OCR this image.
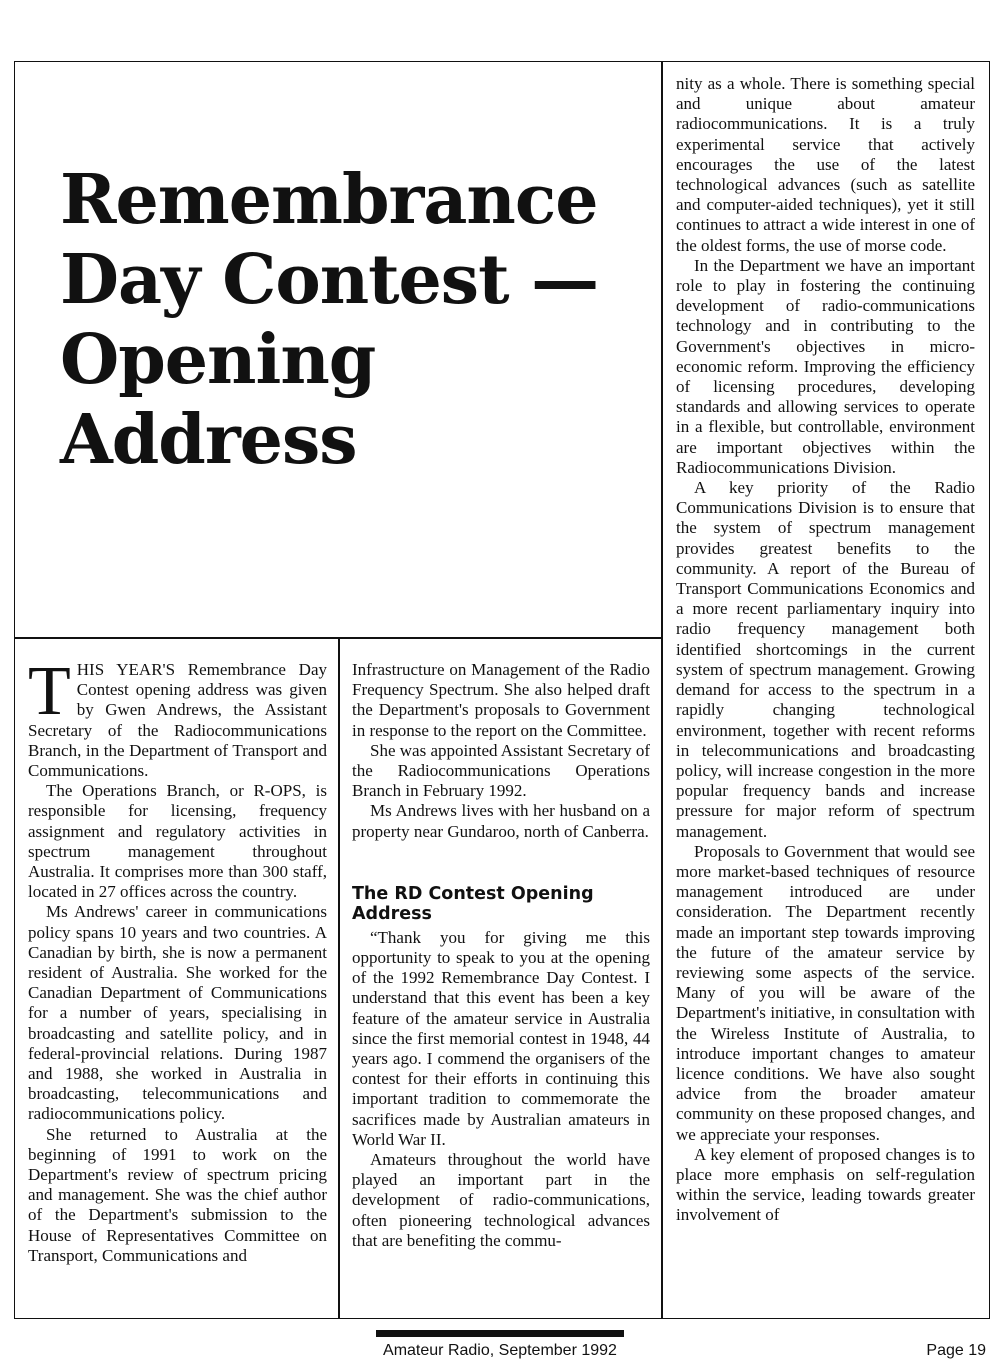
Remembrance Day Contest — Opening Address

THIS YEAR'S Remembrance Day Contest opening address was given by Gwen Andrews, the Assistant Secretary of the Radiocommunications Branch, in the Department of Transport and Communications.

The Operations Branch, or R-OPS, is responsible for licensing, frequency assignment and regulatory activities in spectrum management throughout Australia. It comprises more than 300 staff, located in 27 offices across the country.

Ms Andrews' career in communications policy spans 10 years and two countries. A Canadian by birth, she is now a permanent resident of Australia. She worked for the Canadian Department of Communications for a number of years, specialising in broadcasting and satellite policy, and in federal-provincial relations. During 1987 and 1988, she worked in Australia in broadcasting, telecommunications and radiocommunications policy.

She returned to Australia at the beginning of 1991 to work on the Department's review of spectrum pricing and management. She was the chief author of the Department's submission to the House of Representatives Committee on Transport, Communications and

Infrastructure on Management of the Radio Frequency Spectrum. She also helped draft the Department's proposals to Government in response to the report on the Committee.

She was appointed Assistant Secretary of the Radiocommunications Operations Branch in February 1992.

Ms Andrews lives with her husband on a property near Gundaroo, north of Canberra.

The RD Contest Opening Address

“Thank you for giving me this opportunity to speak to you at the opening of the 1992 Remembrance Day Contest. I understand that this event has been a key feature of the amateur service in Australia since the first memorial contest in 1948, 44 years ago. I commend the organisers of the contest for their efforts in continuing this important tradition to commemorate the sacrifices made by Australian amateurs in World War II.

Amateurs throughout the world have played an important part in the development of radio-communications, often pioneering technological advances that are benefiting the commu-

nity as a whole. There is something special and unique about amateur radiocommunications. It is a truly experimental service that actively encourages the use of the latest technological advances (such as satellite and computer-aided techniques), yet it still continues to attract a wide interest in one of the oldest forms, the use of morse code.

In the Department we have an important role to play in fostering the continuing development of radio-communications technology and in contributing to the Government's objectives in micro-economic reform. Improving the efficiency of licensing procedures, developing standards and allowing services to operate in a flexible, but controllable, environment are important objectives within the Radiocommunications Division.

A key priority of the Radio Communications Division is to ensure that the system of spectrum management provides greatest benefits to the community. A report of the Bureau of Transport Communications Economics and a more recent parliamentary inquiry into radio frequency management both identified shortcomings in the current system of spectrum management. Growing demand for access to the spectrum in a rapidly changing technological environment, together with recent reforms in telecommunications and broadcasting policy, will increase congestion in the more popular frequency bands and increase pressure for major reform of spectrum management.

Proposals to Government that would see more market-based techniques of resource management introduced are under consideration. The Department recently made an important step towards improving the future of the amateur service by reviewing some aspects of the service. Many of you will be aware of the Department's initiative, in consultation with the Wireless Institute of Australia, to introduce important changes to amateur licence conditions. We have also sought advice from the broader amateur community on these proposed changes, and we appreciate your responses.

A key element of proposed changes is to place more emphasis on self-regulation within the service, leading towards greater involvement of

Amateur Radio, September 1992	Page 19
